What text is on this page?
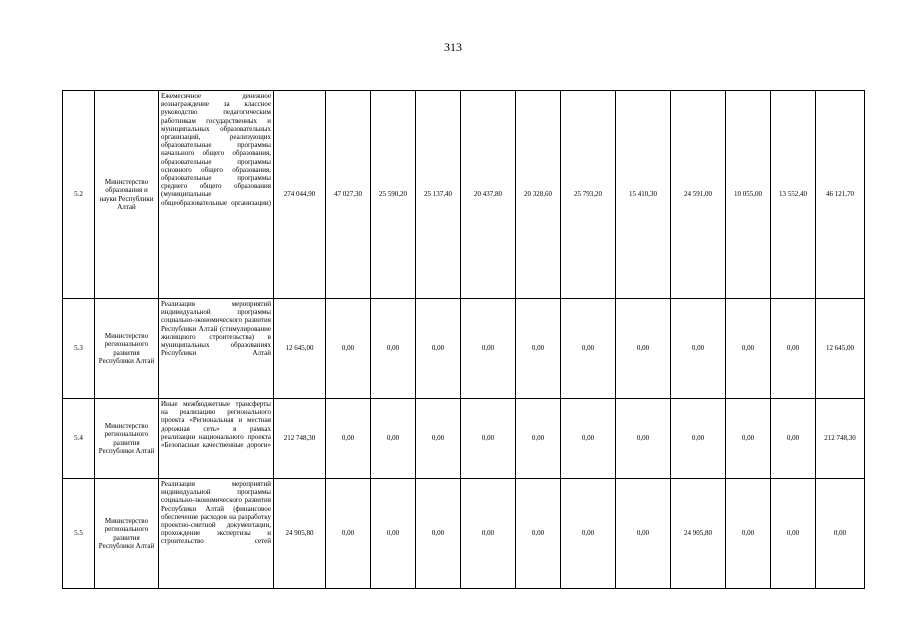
313
5.2	Министерство образования и науки Республики Алтай	Ежемесячное денежное вознаграждение за классное руководство педагогическим работникам государственных и муниципальных образовательных организаций, реализующих образовательные программы начального общего образования, образовательные программы основного общего образования, образовательные программы среднего общего образования (муниципальные общеобразовательные организации)	274 044,90	47 027,30	25 590,20	25 137,40	20 437,80	20 328,60	25 793,20	15 410,30	24 591,00	10 055,00	13 552,40	46 121,70
5.3	Министерство регионального развития Республики Алтай	Реализация мероприятий индивидуальной программы социально-экономического развития Республики Алтай (стимулирование жилищного строительства) в муниципальных образованиях Республики Алтай	12 645,00	0,00	0,00	0,00	0,00	0,00	0,00	0,00	0,00	0,00	0,00	12 645,00
5.4	Министерство регионального развития Республики Алтай	Иные межбюджетные трансферты на реализацию регионального проекта «Региональная и местная дорожная сеть» в рамках реализации национального проекта «Безопасные качественные дороги»	212 748,30	0,00	0,00	0,00	0,00	0,00	0,00	0,00	0,00	0,00	0,00	212 748,30
5.5	Министерство регионального развития Республики Алтай	Реализация мероприятий индивидуальной программы социально-экономического развития Республики Алтай (финансовое обеспечение расходов на разработку проектно-сметной документации, прохождение экспертизы и строительство сетей	24 905,80	0,00	0,00	0,00	0,00	0,00	0,00	0,00	24 905,80	0,00	0,00	0,00
